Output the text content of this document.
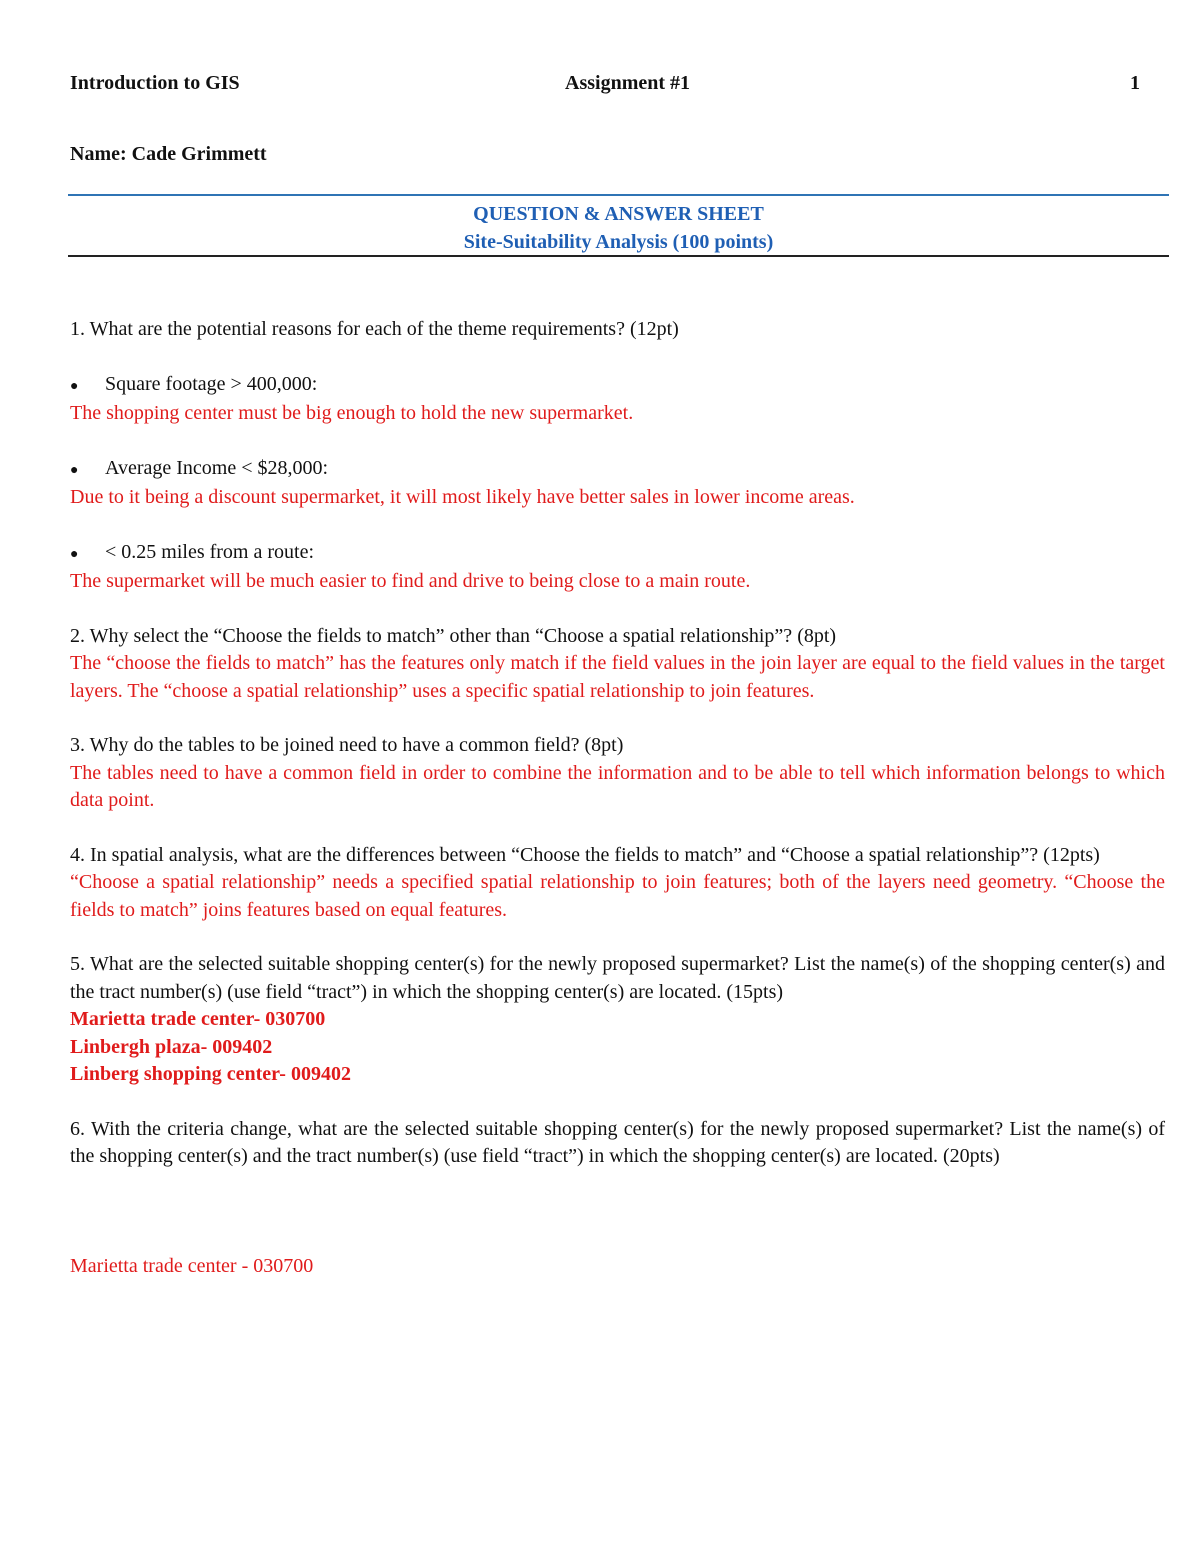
Introduction to GIS	Assignment #1	1
Name: Cade Grimmett
QUESTION & ANSWER SHEET
Site-Suitability Analysis (100 points)

1. What are the potential reasons for each of the theme requirements? (12pt)

●	Square footage > 400,000:

The shopping center must be big enough to hold the new supermarket.

●	Average Income < $28,000:

Due to it being a discount supermarket, it will most likely have better sales in lower income areas.

●	< 0.25 miles from a route:

The supermarket will be much easier to find and drive to being close to a main route.

2. Why select the “Choose the fields to match” other than “Choose a spatial relationship”? (8pt)

The “choose the fields to match” has the features only match if the field values in the join layer are equal to the field values in the target layers. The “choose a spatial relationship” uses a specific spatial relationship to join features.

3. Why do the tables to be joined need to have a common field? (8pt)

The tables need to have a common field in order to combine the information and to be able to tell which information belongs to which data point.

4. In spatial analysis, what are the differences between “Choose the fields to match” and “Choose a spatial relationship”? (12pts)

“Choose a spatial relationship” needs a specified spatial relationship to join features; both of the layers need geometry. “Choose the fields to match” joins features based on equal features.

5. What are the selected suitable shopping center(s) for the newly proposed supermarket? List the name(s) of the shopping center(s) and the tract number(s) (use field “tract”) in which the shopping center(s) are located. (15pts)

Marietta trade center- 030700

Linbergh plaza- 009402

Linberg shopping center- 009402

6. With the criteria change, what are the selected suitable shopping center(s) for the newly proposed supermarket? List the name(s) of the shopping center(s) and the tract number(s) (use field “tract”) in which the shopping center(s) are located. (20pts)

Marietta trade center - 030700
